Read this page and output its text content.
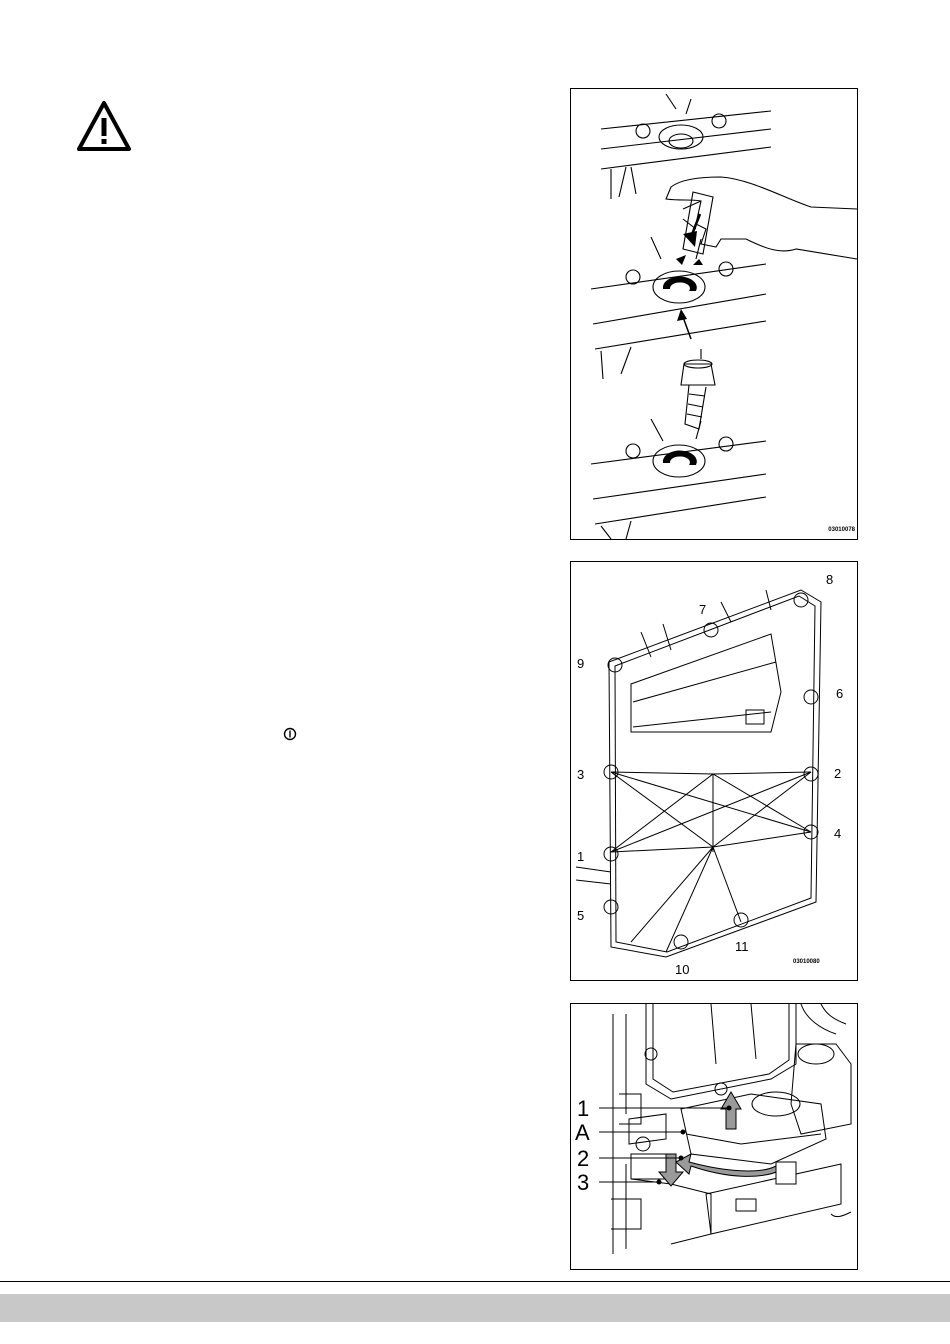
03010078
8
7
9
6
3	2
4
1
5
11
10	03010080
1
A
2
3
